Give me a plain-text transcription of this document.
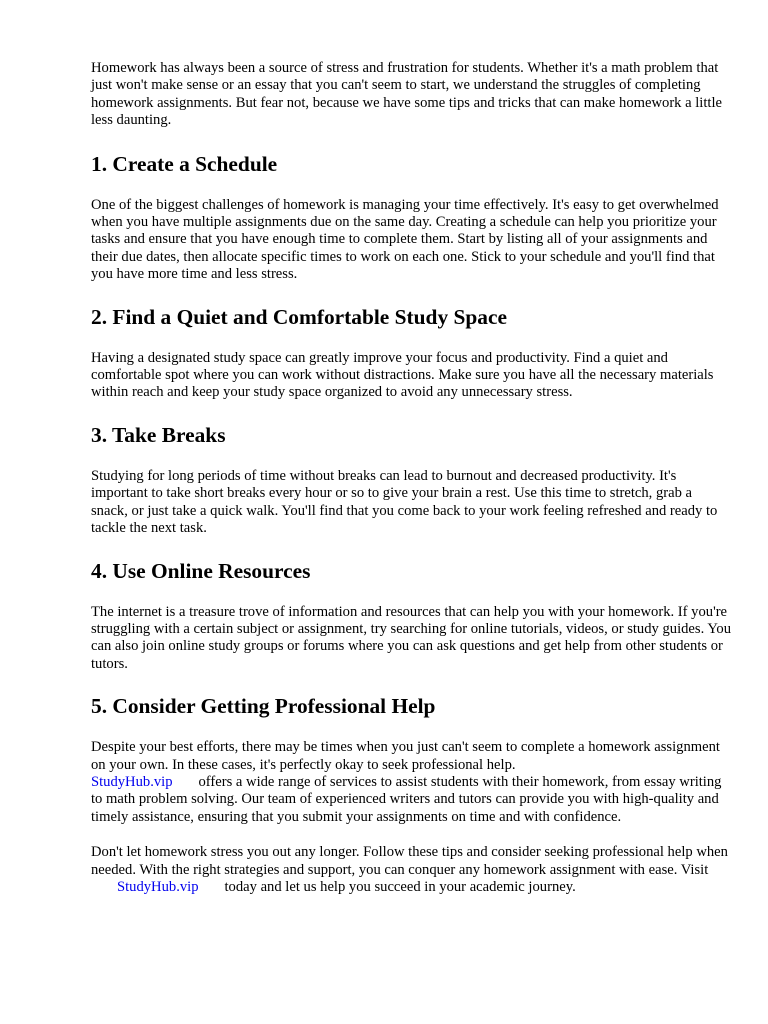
Homework has always been a source of stress and frustration for students. Whether it's a math problem that just won't make sense or an essay that you can't seem to start, we understand the struggles of completing homework assignments. But fear not, because we have some tips and tricks that can make homework a little less daunting.

1. Create a Schedule

One of the biggest challenges of homework is managing your time effectively. It's easy to get overwhelmed when you have multiple assignments due on the same day. Creating a schedule can help you prioritize your tasks and ensure that you have enough time to complete them. Start by listing all of your assignments and their due dates, then allocate specific times to work on each one. Stick to your schedule and you'll find that you have more time and less stress.

2. Find a Quiet and Comfortable Study Space

Having a designated study space can greatly improve your focus and productivity. Find a quiet and comfortable spot where you can work without distractions. Make sure you have all the necessary materials within reach and keep your study space organized to avoid any unnecessary stress.

3. Take Breaks

Studying for long periods of time without breaks can lead to burnout and decreased productivity. It's important to take short breaks every hour or so to give your brain a rest. Use this time to stretch, grab a snack, or just take a quick walk. You'll find that you come back to your work feeling refreshed and ready to tackle the next task.

4. Use Online Resources

The internet is a treasure trove of information and resources that can help you with your homework. If you're struggling with a certain subject or assignment, try searching for online tutorials, videos, or study guides. You can also join online study groups or forums where you can ask questions and get help from other students or tutors.

5. Consider Getting Professional Help

Despite your best efforts, there may be times when you just can't seem to complete a homework assignment on your own. In these cases, it's perfectly okay to seek professional help.
StudyHub.vip offers a wide range of services to assist students with their homework, from essay writing to math problem solving. Our team of experienced writers and tutors can provide you with high-quality and timely assistance, ensuring that you submit your assignments on time and with confidence.

Don't let homework stress you out any longer. Follow these tips and consider seeking professional help when needed. With the right strategies and support, you can conquer any homework assignment with ease. VisitStudyHub.vip today and let us help you succeed in your academic journey.
